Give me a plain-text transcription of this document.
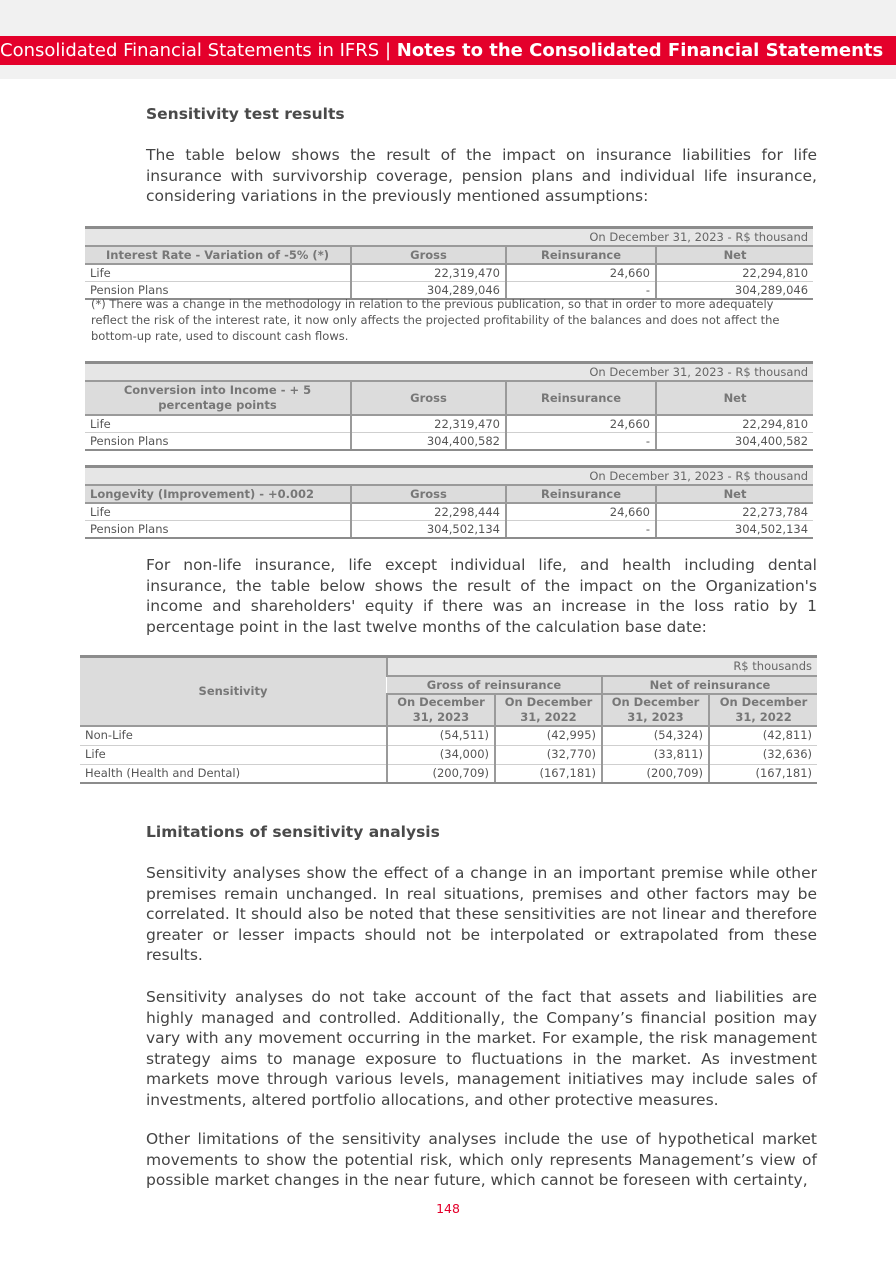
Consolidated Financial Statements in IFRS | Notes to the Consolidated Financial Statements
Sensitivity test results

The table below shows the result of the impact on insurance liabilities for life insurance with survivorship coverage, pension plans and individual life insurance, considering variations in the previously mentioned assumptions:

On December 31, 2023 - R$ thousand			
Interest Rate - Variation of -5% (*)	Gross	Reinsurance	Net
Life	22,319,470	24,660	22,294,810
Pension Plans	304,289,046	-	304,289,046

(*) There was a change in the methodology in relation to the previous publication, so that in order to more adequately reflect the risk of the interest rate, it now only affects the projected profitability of the balances and does not affect the bottom-up rate, used to discount cash flows.

On December 31, 2023 - R$ thousand			
Conversion into Income - + 5 percentage points	Gross	Reinsurance	Net
Life	22,319,470	24,660	22,294,810
Pension Plans	304,400,582	-	304,400,582
On December 31, 2023 - R$ thousand			
Longevity (Improvement) - +0.002	Gross	Reinsurance	Net
Life	22,298,444	24,660	22,273,784
Pension Plans	304,502,134	-	304,502,134

For non-life insurance, life except individual life, and health including dental insurance, the table below shows the result of the impact on the Organization's income and shareholders' equity if there was an increase in the loss ratio by 1 percentage point in the last twelve months of the calculation base date:

Sensitivity	R$ thousands			
	Gross of reinsurance		Net of reinsurance	
	On December 31, 2023	On December 31, 2022	On December 31, 2023	On December 31, 2022
Non-Life	(54,511)	(42,995)	(54,324)	(42,811)
Life	(34,000)	(32,770)	(33,811)	(32,636)
Health (Health and Dental)	(200,709)	(167,181)	(200,709)	(167,181)
Limitations of sensitivity analysis

Sensitivity analyses show the effect of a change in an important premise while other premises remain unchanged. In real situations, premises and other factors may be correlated. It should also be noted that these sensitivities are not linear and therefore greater or lesser impacts should not be interpolated or extrapolated from these results.

Sensitivity analyses do not take account of the fact that assets and liabilities are highly managed and controlled. Additionally, the Company’s financial position may vary with any movement occurring in the market. For example, the risk management strategy aims to manage exposure to fluctuations in the market. As investment markets move through various levels, management initiatives may include sales of investments, altered portfolio allocations, and other protective measures.

Other limitations of the sensitivity analyses include the use of hypothetical market movements to show the potential risk, which only represents Management’s view of possible market changes in the near future, which cannot be foreseen with certainty,

148
